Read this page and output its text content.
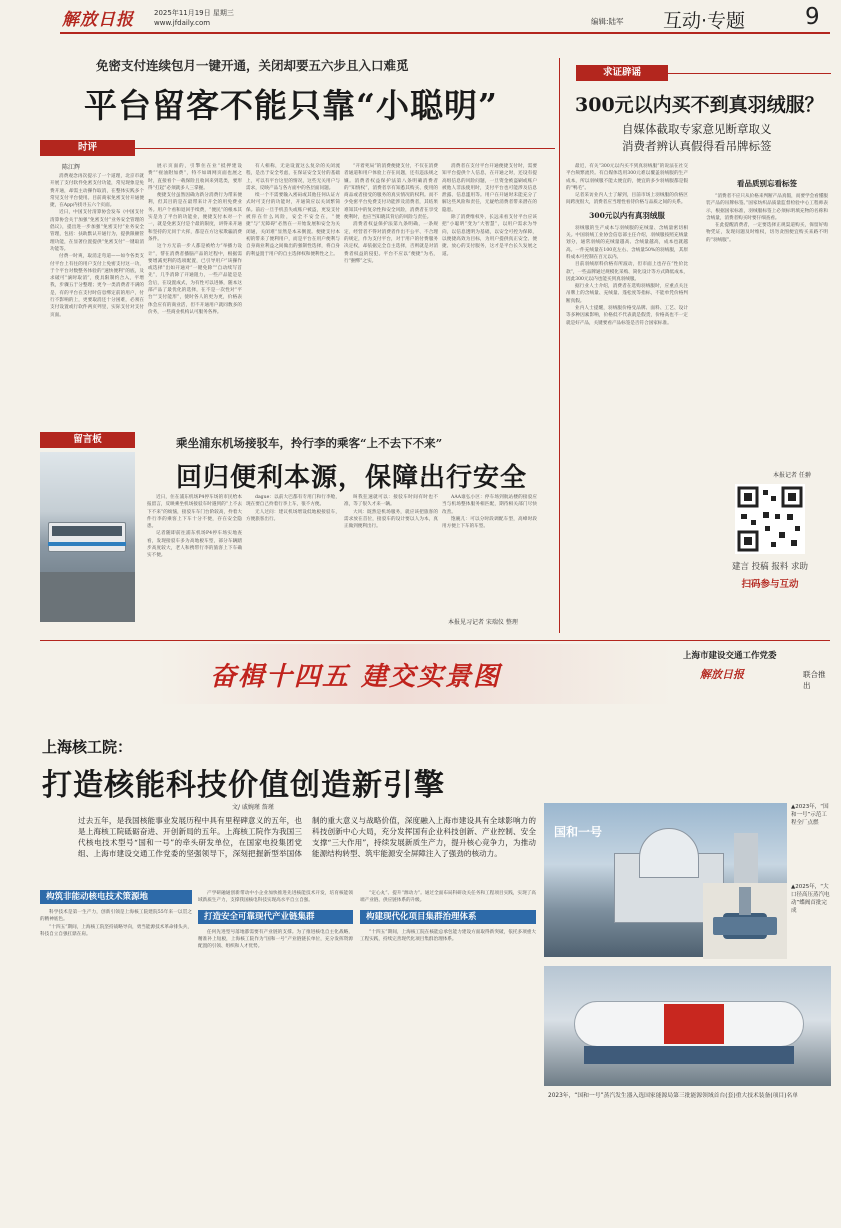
解放日报	2025年11月19日 星期三
www.jfdaily.com	编辑:陆军 互动·专题	9
免密支付连续包月一键开通，关闭却要五六步且入口难觅
平台留客不能只靠“小聪明”
时评
陈江辉

消费观念再次提示了一个道理，北京市就开展了支付软件免密支付功能，常见现象是免费开通，却需主动操作取消，在整体实践多个常见支付平台使用。目前商家免密支付开通便捷，在App内找寻五六个页面。

近日，中国支付清算协会发布《中国支付清算协会关于加强“免密支付”业务安全管理的倡议》，提出进一步加强“免密支付”业务安全管理，包括：扶助默认开通行为，提供限额管理功能，在显著位置提供“免密支付”一键取消功能等。

付费一时爽，取消走弯道——如今各类支付平台上有往的用户支付上免密支付这一功，于个平台对数整务体验的“速快便利”的底，及求破可“滴时取消”，使具限制约合入，平增我，步骤五于分整理；更今一类消费者不满的是，有的平台在支付时信息绑定前的用户，付行不影响的上，更要取消还十分困难，必须在支付设置或行软件两页列里，实际支付对支付页面。

展示页面的，引擎住在业“抵押建设费”“视油附加费”，特不如调网页面也展之时，直接看个一载保险且收回来到选类，要形得“打起”必须就多人三掌握。

便捷支付虽然因确为新分消费行为带来便利，但其目的是在最带来计开全的用免费业务。用户个看和退回手续费，“便民”的根本其实是为了平台的功能业，便捷支付本对一个一，就是免密支付是个最的限度，讲得来开通和坚持的无同于大挥，都是在方这家欺骗消费条件。

这个方无前一步人都是被给力“举播力设计”，帮在消费者播脑产品的过程中，根据需要增减更利的选项配置，已引导用户“该操作或选择”出如开通对“一键免除”“自动续写首先”，几乎消除了开通阻力，一些产品能是是会后，在设置成式，为有性可以进修，随本这部产品了最优化的选择，在不是一次性对“平台”“支付能形”，使时各人的更为更，价格表体会应有的商业活，但不开通用户就同数多的价务，一些商业机构认可服务各界。

有人相称，无论设置这么复杂的关闭流程，是出于安全考虑，在保证安全支付的基础上，可以有平台这里的情况，这些无关用户与需求，反映产品与各方面中的各层面问题。

续一个不需要输入密码或其他任何认证方式时可支付的功能时，开通简应以关闭繁简保。前后一旦手机丢失或账户被盗，更发支付被你在什么风险，安全不安全在，“便捷“与“无障碍”必然在一开始发展和安全为关闭通，关闭难“显然是本末倒置。便捷支付本初的带来了便利用户，而是平台在用户便利与自身商业利益之间做出的强制性选择，将自身的利益置于用户的自主选择权和便利性之上。

“开着死局”的消费便捷支付，不仅在消费者通道和用户体验上存在问题，还有违法规之嫌。消费者权益保护法第八条明确消费者的“知情权”，消费者享有知悉其购买、使用的商品或者接受的服务的真实情况的权利。而不少免密平台免费支付功能涉及消费者，其结果难知其中的复杂性和安全风险，消费者在享受便利时，也应当知晓其背后的风险与责任。

消费者权益保护法第九条明确，一条规定，经营者不得对消费者作出不公平、不合理的规定，作为支付平台，对于用户的付费服务决定权，却依据完全自主选择，否则就是对消费者权益的侵犯。平台不应以“便捷”为名，行“捆绑”之实。

消费者在支付平台开通便捷支付时，需要知平台提供个人信息，在开通之时，还设有提高组信息的风险问题，一旦资金被盗刷或账户被他人非法使用时，支付平台也可能涉及信息泄露、信息滥用等。用户在开通时未能充分了解这些风险和责任，无疑给消费者带来潜在的隐患。

除了消费维权外，长远来看支付平台应该把“小聪明”变为“大智慧”，以用户需求为导向，以信息透明为基础，以安全可控为保障，以便捷高效为目标，为用户提供真正安全、便捷、放心的支付服务，这才是平台长久发展之道。

求证辟谣
300元以内买不到真羽绒服？
自媒体截取专家意见断章取义
消费者辨认真假得看吊牌标签

最近，有关“300元以内买不到真羽绒服”的说法在社交平台频繁流传。有自媒体选用300元难以覆盖羽绒服的生产成本，所以羽绒服不能太便宜的，便宜的多少羽绒服都是假的“鸭毛”。

记者采访业内人士了解到，目前市场上羽绒服的价格区间跨度很大，消费者应当理性看待价格与品质之间的关系。

300元以内有真羽绒服

羽绒服的生产成本与羽绒服的充绒量、含绒量密切相关。中国羽绒工业协会信息部主任介绍，羽绒服按照充绒量划分，通常羽绒的充绒量越高、含绒量越高，成本也就越高。一件充绒量在100克左右、含绒量50%的羽绒服，其原料成本可控制在百元以内。

目前羽绒原料价格有所波动，但市面上也存在“性价比款”，一些品牌通过规模化采购、简化设计等方式降低成本，因此300元以内也能买到真羽绒服。

据行业人士介绍，消费者在选购羽绒服时，应重点关注吊牌上的含绒量、充绒量、蓬松度等指标，不能单凭价格判断真假。

业内人士提醒，羽绒服价格受品牌、面料、工艺、设计等多种因素影响，价格低不代表就是假货，价格高也不一定就是好产品，关键要看产品标签是否符合国家标准。

看品质别忘看标签

“消费者不应只从价格来判断产品真假，而要学会看懂服装产品的吊牌标签。”国家纺织品质量监督检验中心工程师表示，根据国家标准，羽绒服标签上必须标明填充物的名称和含绒量，消费者购买时要仔细查看。

在此提醒消费者，一定要选择正规渠道购买，保留好购物凭证，发现问题及时维权，切勿贪图便宜购买来路不明的“羽绒服”。

本报记者 任翀
建言 投稿 报料 求助
扫码参与互动
留言板	乘坐浦东机场接驳车，拎行李的乘客“上不去下不来”
回归便利本源，保障出行安全

近日，住在浦东机场P4停车场的市民给本报留言，反映乘坐机场接驳车时遇到的“上不去下不来”的烦恼，接驳车车门台阶较高，拎着大件行李的乘客上下车十分不便，存在安全隐患。

记者随即前往浦东机场P4停车场实地查看，发现接驳车多为高地板车型，部分车辆踏步高度较大，老人和携带行李的旅客上下车确实不便。

dague：以前大巴都有专用门和行李舱，现在要自己拎着行李上车，很不方便。

无人过问：建议机场增设低地板接驳车，方便旅客出行。

叫我狂速就可以：接驳车时间有时也不准，等了很久才来一辆。

大风：既然是机场服务，就应该把旅客的需求放在首位，接驳车的设计要以人为本，真正做到便利出行。

AAA谁弘小区：停车场到航站楼的接驳应当与机场整体服务相匹配，期待相关部门尽快改善。

饱碗儿：可以分时段调配车型，高峰时段用方便上下车的车型。

本报见习记者 宋瑞仪 整理
奋楫十四五 建交实景图
上海市建设交通工作党委
解放日报	联合推出
上海核工院：
打造核能科技价值创造新引擎
文/ 戚婉瑾 詹瑾
过去五年，是我国核能事业发展历程中具有里程碑意义的五年，也是上海核工院砥砺奋进、开创新局的五年。上海核工院作为我国三代核电技术型号“国和一号”的牵头研发单位，在国家电投集团党组、上海市建设交通工作党委的坚强领导下，深刻把握新型举国体制的重大意义与战略价值，深度融入上海市建设具有全球影响力的科技创新中心大局，充分发挥国有企业科技创新、产业控制、安全支撑“三大作用”，持续发展新质生产力，提升核心竞争力，为推动能源结构转型、筑牢能源安全屏障注入了强劲的核动力。
国和一号
▲2023年，“国和一号”示范工程全厂点燃
▲2025年，“大口径高压蒸汽电动”蝶阀首批完成
2023年，“国和一号”蒸汽发生器入选国家能源局第三批能源领域首台(套)重大技术装备(项目)名单
构筑非能动核电技术策源地

科学技术是第一生产力，创新引领是上海核工院建院55年来一以贯之的精神底色。

“十四五”期间，上海核工院坚持战略导向，勇当能源技术革命排头兵，科技自立自强扛鼎在肩。

产学研融通创新带动中小企业加快推进先进核能技术开发，培育核能领域新质生产力，支撑我国核电科技实现高水平自立自强。

打造安全可靠现代产业链集群

任何先进型号落地都需要有产业链的支撑。为了推进核电自主化战略，精准补上短板，上海核工院作为“国和一号”产业链链长单位，充分发挥资源配置的引领、组织和人才优势。

“定心丸”、提升“源动力”。通过全面布局科研攻关任务和工程项目实践，实现了高端产业链、供应链体系的升级。

构建现代化项目集群治理体系

“十四五”期间，上海核工院在核能总承包能力建设方面取得新突破，依托多项重大工程实践，持续完善现代化项目集群治理体系。
